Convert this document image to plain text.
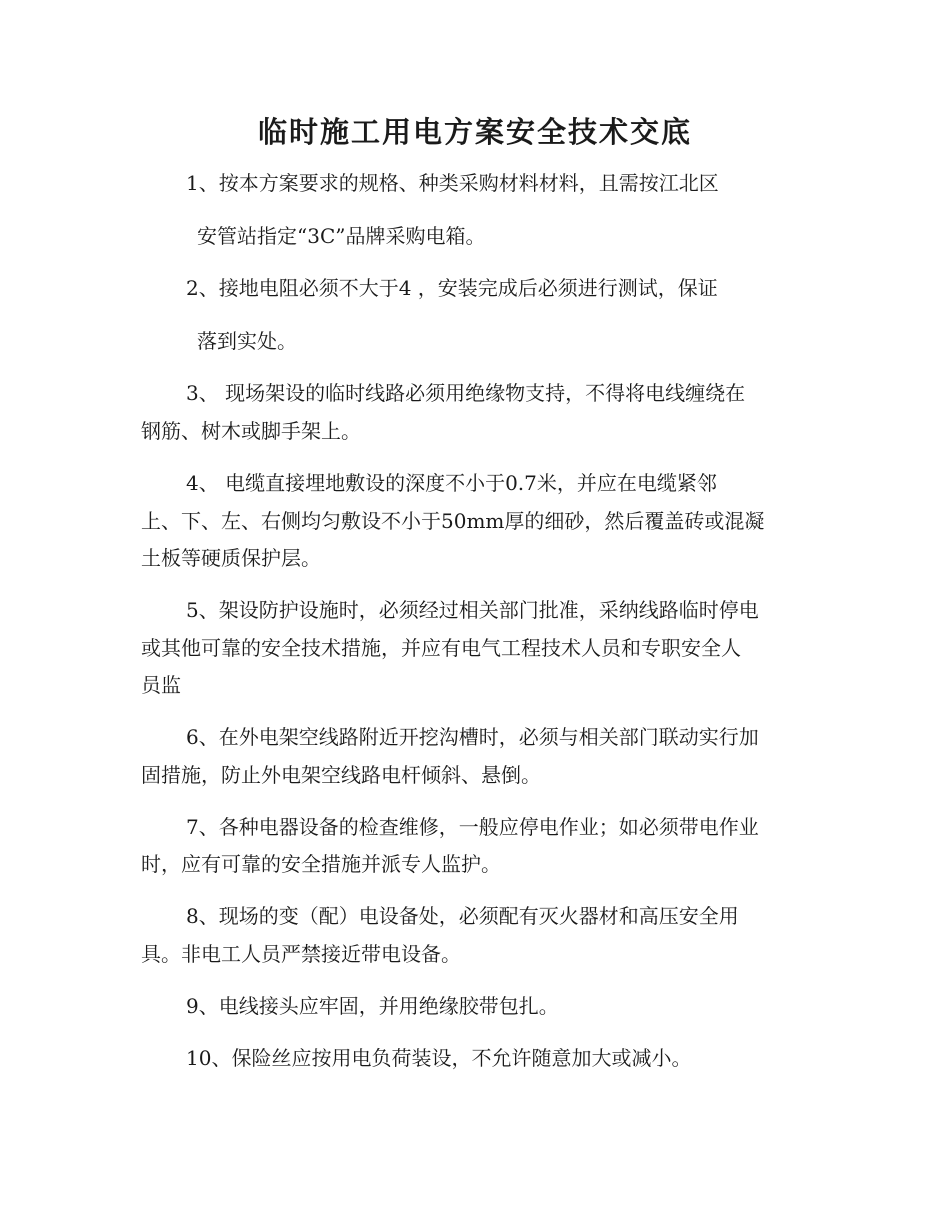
临时施工用电方案安全技术交底

1、按本方案要求的规格、种类采购材料材料，且需按江北区

安管站指定“3C”品牌采购电箱。

2、接地电阻必须不大于4 ，安装完成后必须进行测试，保证

落到实处。

3、 现场架设的临时线路必须用绝缘物支持，不得将电线缠绕在

钢筋、树木或脚手架上。

4、 电缆直接埋地敷设的深度不小于0.7米，并应在电缆紧邻

上、下、左、右侧均匀敷设不小于50mm厚的细砂，然后覆盖砖或混凝

土板等硬质保护层。

5、架设防护设施时，必须经过相关部门批准，采纳线路临时停电

或其他可靠的安全技术措施，并应有电气工程技术人员和专职安全人

员监

6、在外电架空线路附近开挖沟槽时，必须与相关部门联动实行加

固措施，防止外电架空线路电杆倾斜、悬倒。

7、各种电器设备的检查维修，一般应停电作业；如必须带电作业

时，应有可靠的安全措施并派专人监护。

8、现场的变（配）电设备处，必须配有灭火器材和高压安全用

具。非电工人员严禁接近带电设备。

9、电线接头应牢固，并用绝缘胶带包扎。

10、保险丝应按用电负荷装设，不允许随意加大或减小。
